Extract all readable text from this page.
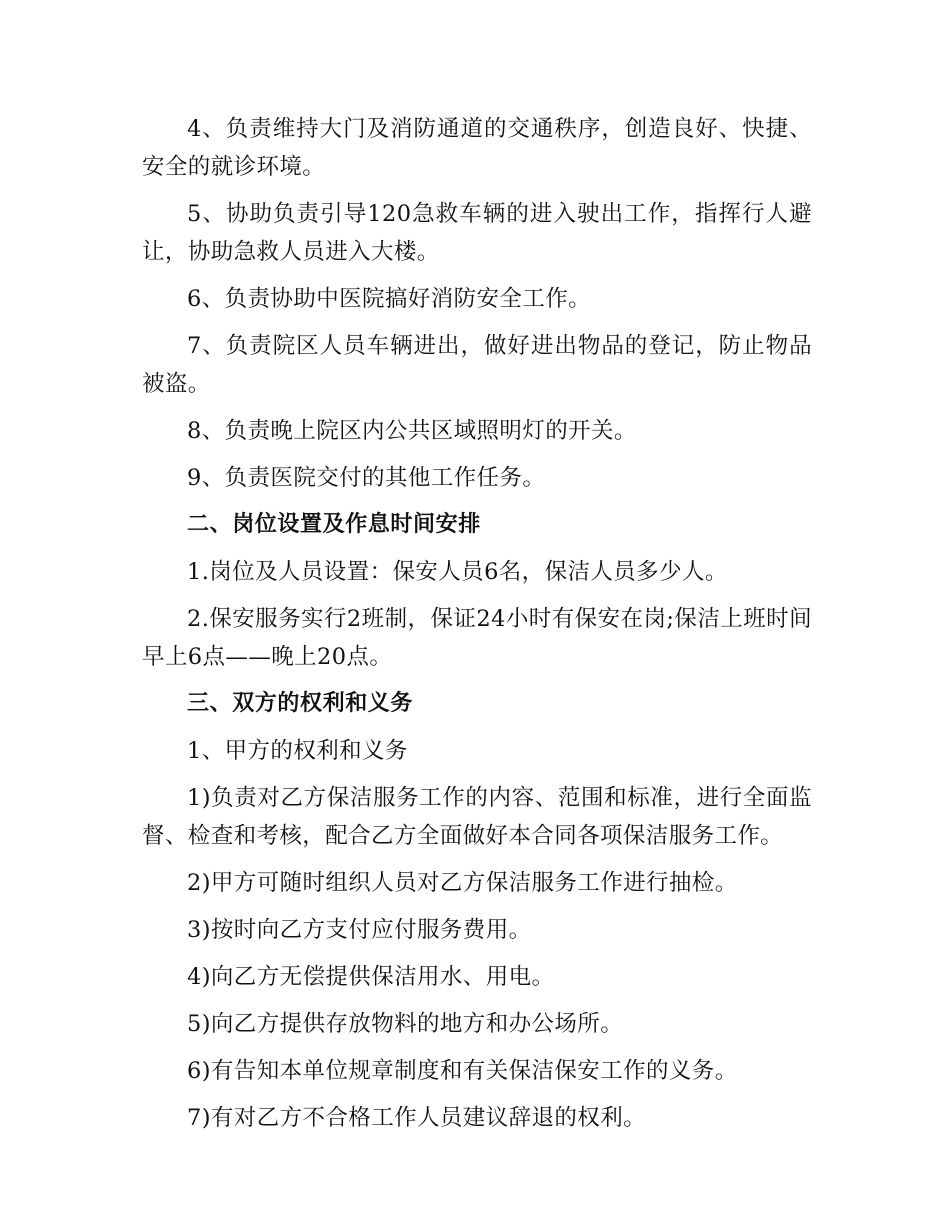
4、负责维持大门及消防通道的交通秩序，创造良好、快捷、安全的就诊环境。

5、协助负责引导120急救车辆的进入驶出工作，指挥行人避让，协助急救人员进入大楼。

6、负责协助中医院搞好消防安全工作。

7、负责院区人员车辆进出，做好进出物品的登记，防止物品被盗。

8、负责晚上院区内公共区域照明灯的开关。

9、负责医院交付的其他工作任务。

二、岗位设置及作息时间安排

1.岗位及人员设置：保安人员6名，保洁人员多少人。

2.保安服务实行2班制，保证24小时有保安在岗;保洁上班时间早上6点——晚上20点。

三、双方的权利和义务

1、甲方的权利和义务

1)负责对乙方保洁服务工作的内容、范围和标准，进行全面监督、检查和考核，配合乙方全面做好本合同各项保洁服务工作。

2)甲方可随时组织人员对乙方保洁服务工作进行抽检。

3)按时向乙方支付应付服务费用。

4)向乙方无偿提供保洁用水、用电。

5)向乙方提供存放物料的地方和办公场所。

6)有告知本单位规章制度和有关保洁保安工作的义务。

7)有对乙方不合格工作人员建议辞退的权利。
